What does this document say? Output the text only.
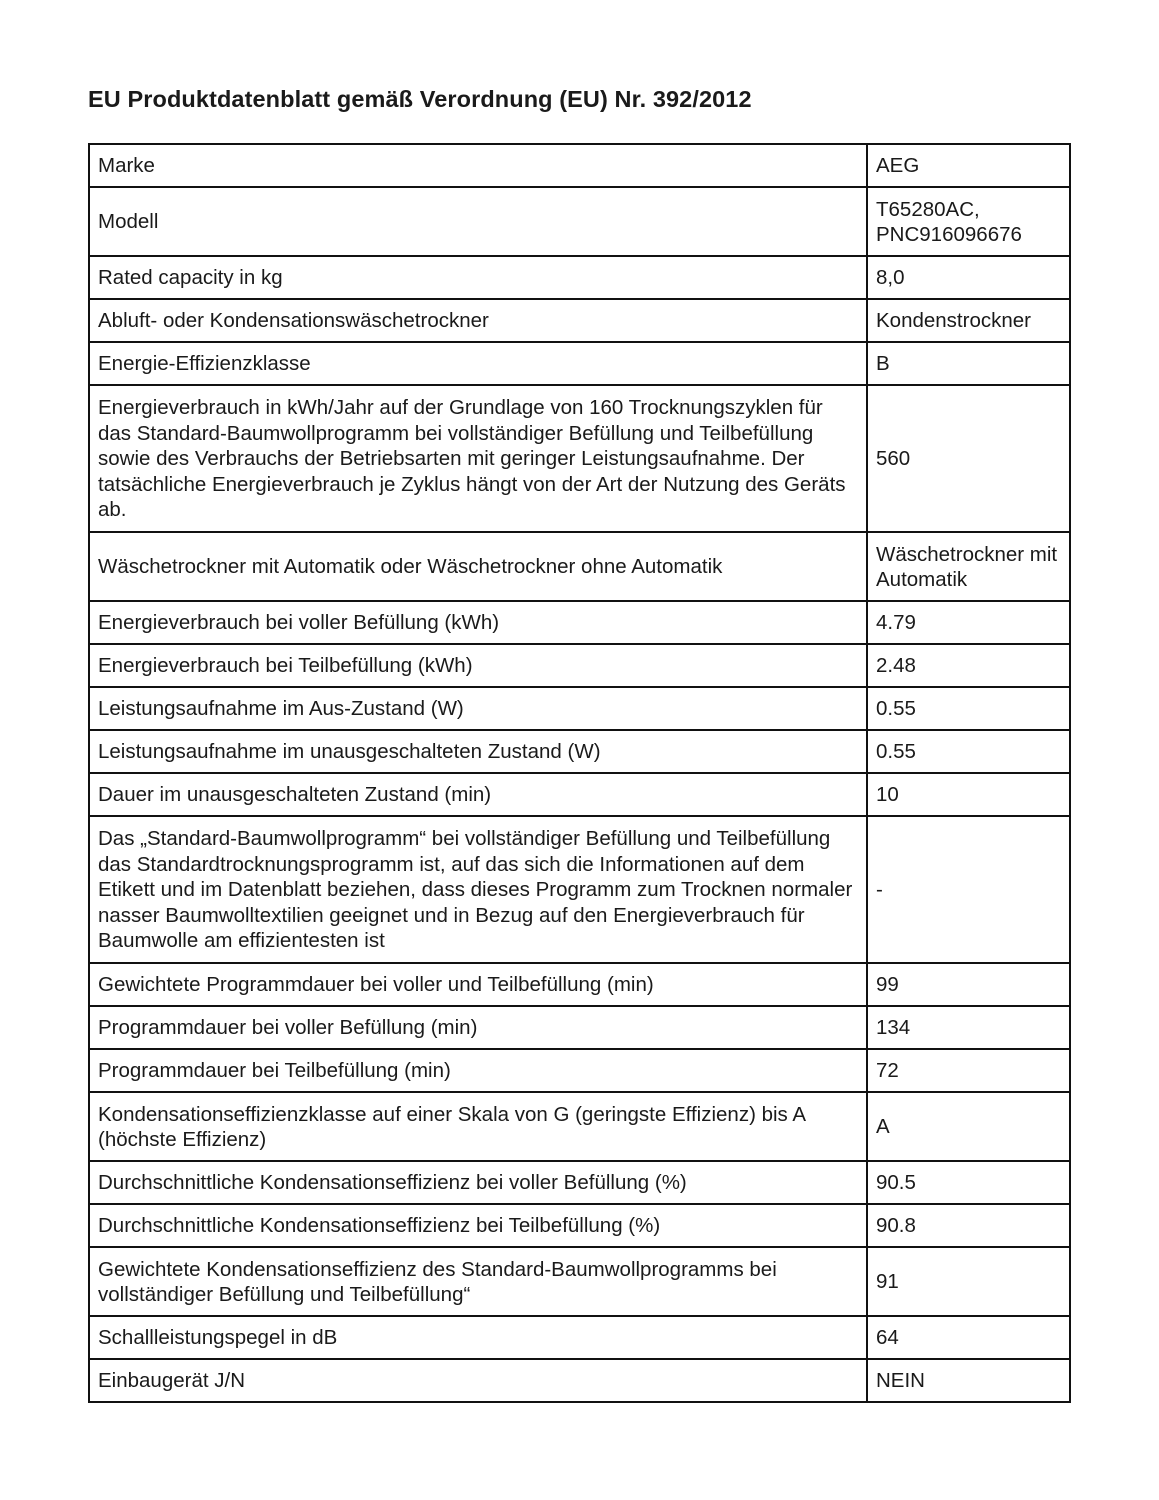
EU Produktdatenblatt gemäß Verordnung (EU) Nr. 392/2012
Marke	AEG
Modell	T65280AC, PNC916096676
Rated capacity in kg	8,0
Abluft- oder Kondensationswäschetrockner	Kondenstrockner
Energie-Effizienzklasse	B
Energieverbrauch in kWh/Jahr auf der Grundlage von 160 Trocknungszyklen für das Standard-Baumwollprogramm bei vollständiger Befüllung und Teilbefüllung sowie des Verbrauchs der Betriebsarten mit geringer Leistungsaufnahme. Der tatsächliche Energieverbrauch je Zyklus hängt von der Art der Nutzung des Geräts ab.	560
Wäschetrockner mit Automatik oder Wäschetrockner ohne Automatik	Wäschetrockner mit Automatik
Energieverbrauch bei voller Befüllung (kWh)	4.79
Energieverbrauch bei Teilbefüllung (kWh)	2.48
Leistungsaufnahme im Aus-Zustand (W)	0.55
Leistungsaufnahme im unausgeschalteten Zustand (W)	0.55
Dauer im unausgeschalteten Zustand (min)	10
Das „Standard-Baumwollprogramm“ bei vollständiger Befüllung und Teilbefüllung das Standardtrocknungsprogramm ist, auf das sich die Informationen auf dem Etikett und im Datenblatt beziehen, dass dieses Programm zum Trocknen normaler nasser Baumwolltextilien geeignet und in Bezug auf den Energieverbrauch für Baumwolle am effizientesten ist	-
Gewichtete Programmdauer bei voller und Teilbefüllung (min)	99
Programmdauer bei voller Befüllung (min)	134
Programmdauer bei Teilbefüllung (min)	72
Kondensationseffizienzklasse auf einer Skala von G (geringste Effizienz) bis A (höchste Effizienz)	A
Durchschnittliche Kondensationseffizienz bei voller Befüllung (%)	90.5
Durchschnittliche Kondensationseffizienz bei Teilbefüllung (%)	90.8
Gewichtete Kondensationseffizienz des Standard-Baumwollprogramms bei vollständiger Befüllung und Teilbefüllung“	91
Schallleistungspegel in dB	64
Einbaugerät J/N	NEIN
